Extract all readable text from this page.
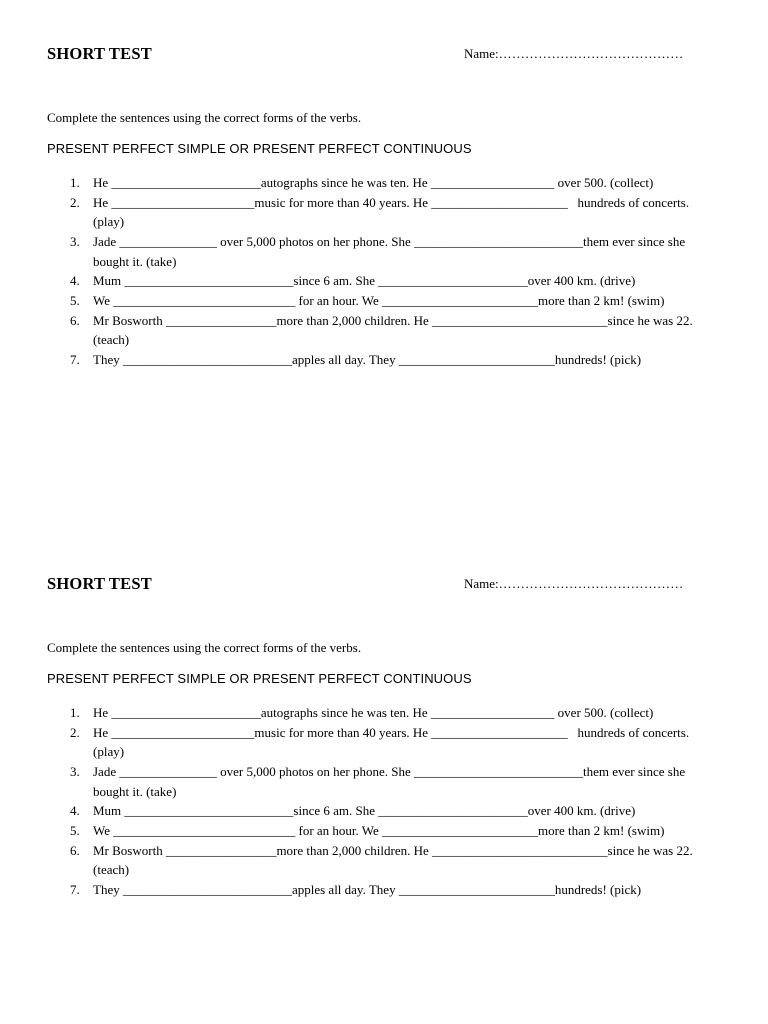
SHORT TEST	Name:……………………………………
Complete the sentences using the correct forms of the verbs.
PRESENT PERFECT SIMPLE OR PRESENT PERFECT CONTINUOUS
1. He _______________________autographs since he was ten. He ___________________ over 500. (collect)
2. He ______________________music for more than 40 years. He _____________________   hundreds of concerts. (play)
3. Jade _______________ over 5,000 photos on her phone. She __________________________them ever since she bought it. (take)
4. Mum __________________________since 6 am. She _______________________over 400 km. (drive)
5. We ____________________________ for an hour. We ________________________more than 2 km! (swim)
6. Mr Bosworth _________________more than 2,000 children. He ___________________________since he was 22. (teach)
7. They __________________________apples all day. They ________________________hundreds! (pick)
SHORT TEST	Name:……………………………………
Complete the sentences using the correct forms of the verbs.
PRESENT PERFECT SIMPLE OR PRESENT PERFECT CONTINUOUS
1. He _______________________autographs since he was ten. He ___________________ over 500. (collect)
2. He ______________________music for more than 40 years. He _____________________   hundreds of concerts. (play)
3. Jade _______________ over 5,000 photos on her phone. She __________________________them ever since she bought it. (take)
4. Mum __________________________since 6 am. She _______________________over 400 km. (drive)
5. We ____________________________ for an hour. We ________________________more than 2 km! (swim)
6. Mr Bosworth _________________more than 2,000 children. He ___________________________since he was 22. (teach)
7. They __________________________apples all day. They ________________________hundreds! (pick)
